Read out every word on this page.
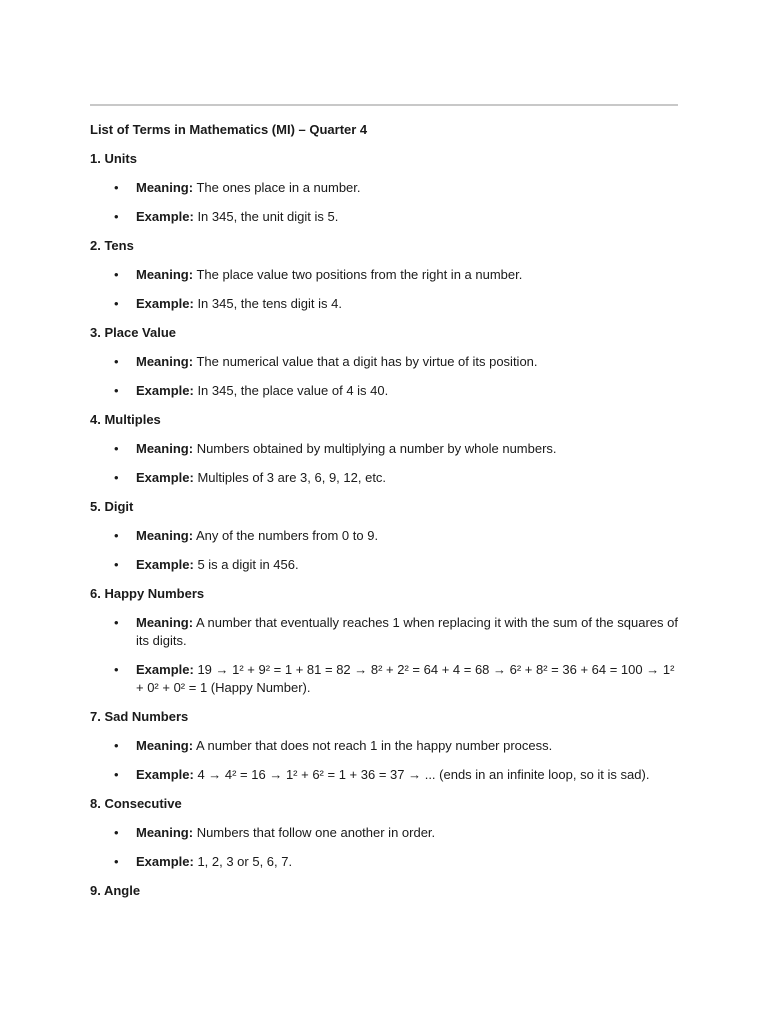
List of Terms in Mathematics (MI) – Quarter 4

1. Units

• Meaning: The ones place in a number.
• Example: In 345, the unit digit is 5.

2. Tens

• Meaning: The place value two positions from the right in a number.
• Example: In 345, the tens digit is 4.

3. Place Value

• Meaning: The numerical value that a digit has by virtue of its position.
• Example: In 345, the place value of 4 is 40.

4. Multiples

• Meaning: Numbers obtained by multiplying a number by whole numbers.
• Example: Multiples of 3 are 3, 6, 9, 12, etc.

5. Digit

• Meaning: Any of the numbers from 0 to 9.
• Example: 5 is a digit in 456.

6. Happy Numbers

• Meaning: A number that eventually reaches 1 when replacing it with the sum of the squares of its digits.
• Example: 19 → 1² + 9² = 1 + 81 = 82 → 8² + 2² = 64 + 4 = 68 → 6² + 8² = 36 + 64 = 100 → 1² + 0² + 0² = 1 (Happy Number).

7. Sad Numbers

• Meaning: A number that does not reach 1 in the happy number process.
• Example: 4 → 4² = 16 → 1² + 6² = 1 + 36 = 37 → ... (ends in an infinite loop, so it is sad).

8. Consecutive

• Meaning: Numbers that follow one another in order.
• Example: 1, 2, 3 or 5, 6, 7.

9. Angle
